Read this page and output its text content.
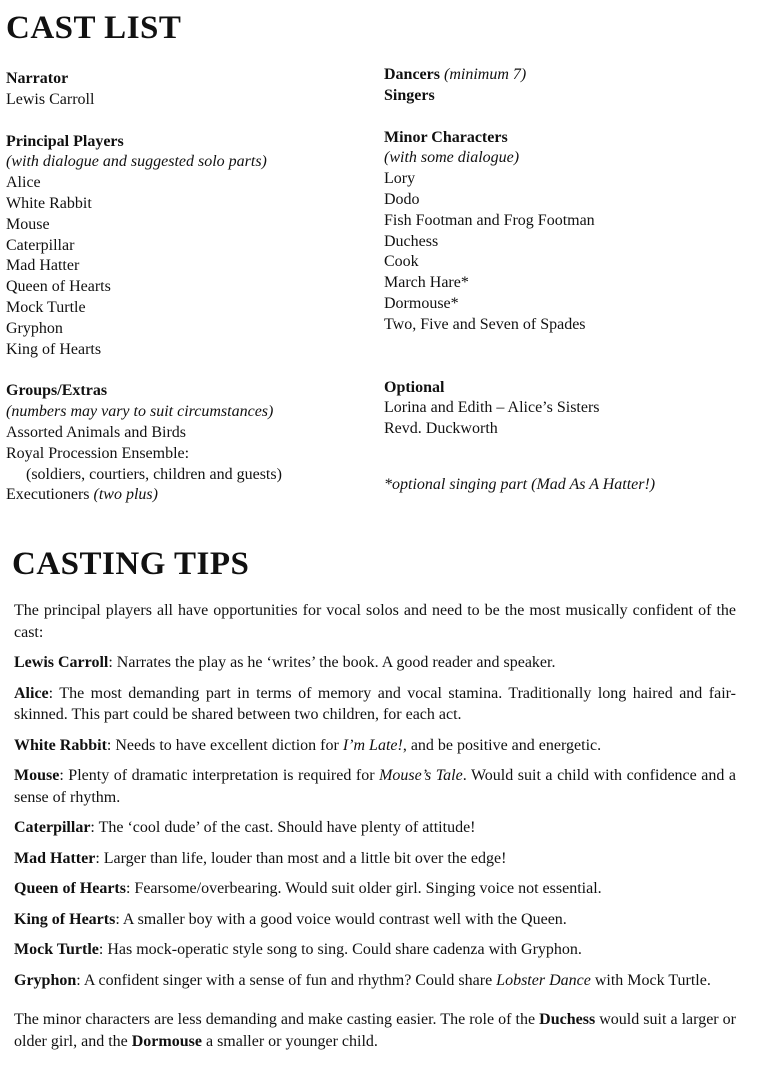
CAST LIST
Narrator
Lewis Carroll
Principal Players
(with dialogue and suggested solo parts)
Alice
White Rabbit
Mouse
Caterpillar
Mad Hatter
Queen of Hearts
Mock Turtle
Gryphon
King of Hearts
Groups/Extras
(numbers may vary to suit circumstances)
Assorted Animals and Birds
Royal Procession Ensemble:
(soldiers, courtiers, children and guests)
Executioners (two plus)
Dancers (minimum 7)
Singers
Minor Characters
(with some dialogue)
Lory
Dodo
Fish Footman and Frog Footman
Duchess
Cook
March Hare*
Dormouse*
Two, Five and Seven of Spades
Optional
Lorina and Edith – Alice’s Sisters
Revd. Duckworth
*optional singing part (Mad As A Hatter!)
CASTING TIPS

The principal players all have opportunities for vocal solos and need to be the most musically confident of the cast:

Lewis Carroll: Narrates the play as he ‘writes’ the book. A good reader and speaker.

Alice: The most demanding part in terms of memory and vocal stamina. Traditionally long haired and fair-skinned. This part could be shared between two children, for each act.

White Rabbit: Needs to have excellent diction for I’m Late!, and be positive and energetic.

Mouse: Plenty of dramatic interpretation is required for Mouse’s Tale. Would suit a child with confidence and a sense of rhythm.

Caterpillar: The ‘cool dude’ of the cast. Should have plenty of attitude!

Mad Hatter: Larger than life, louder than most and a little bit over the edge!

Queen of Hearts: Fearsome/overbearing. Would suit older girl. Singing voice not essential.

King of Hearts: A smaller boy with a good voice would contrast well with the Queen.

Mock Turtle: Has mock-operatic style song to sing. Could share cadenza with Gryphon.

Gryphon: A confident singer with a sense of fun and rhythm? Could share Lobster Dance with Mock Turtle.

The minor characters are less demanding and make casting easier. The role of the Duchess would suit a larger or older girl, and the Dormouse a smaller or younger child.
